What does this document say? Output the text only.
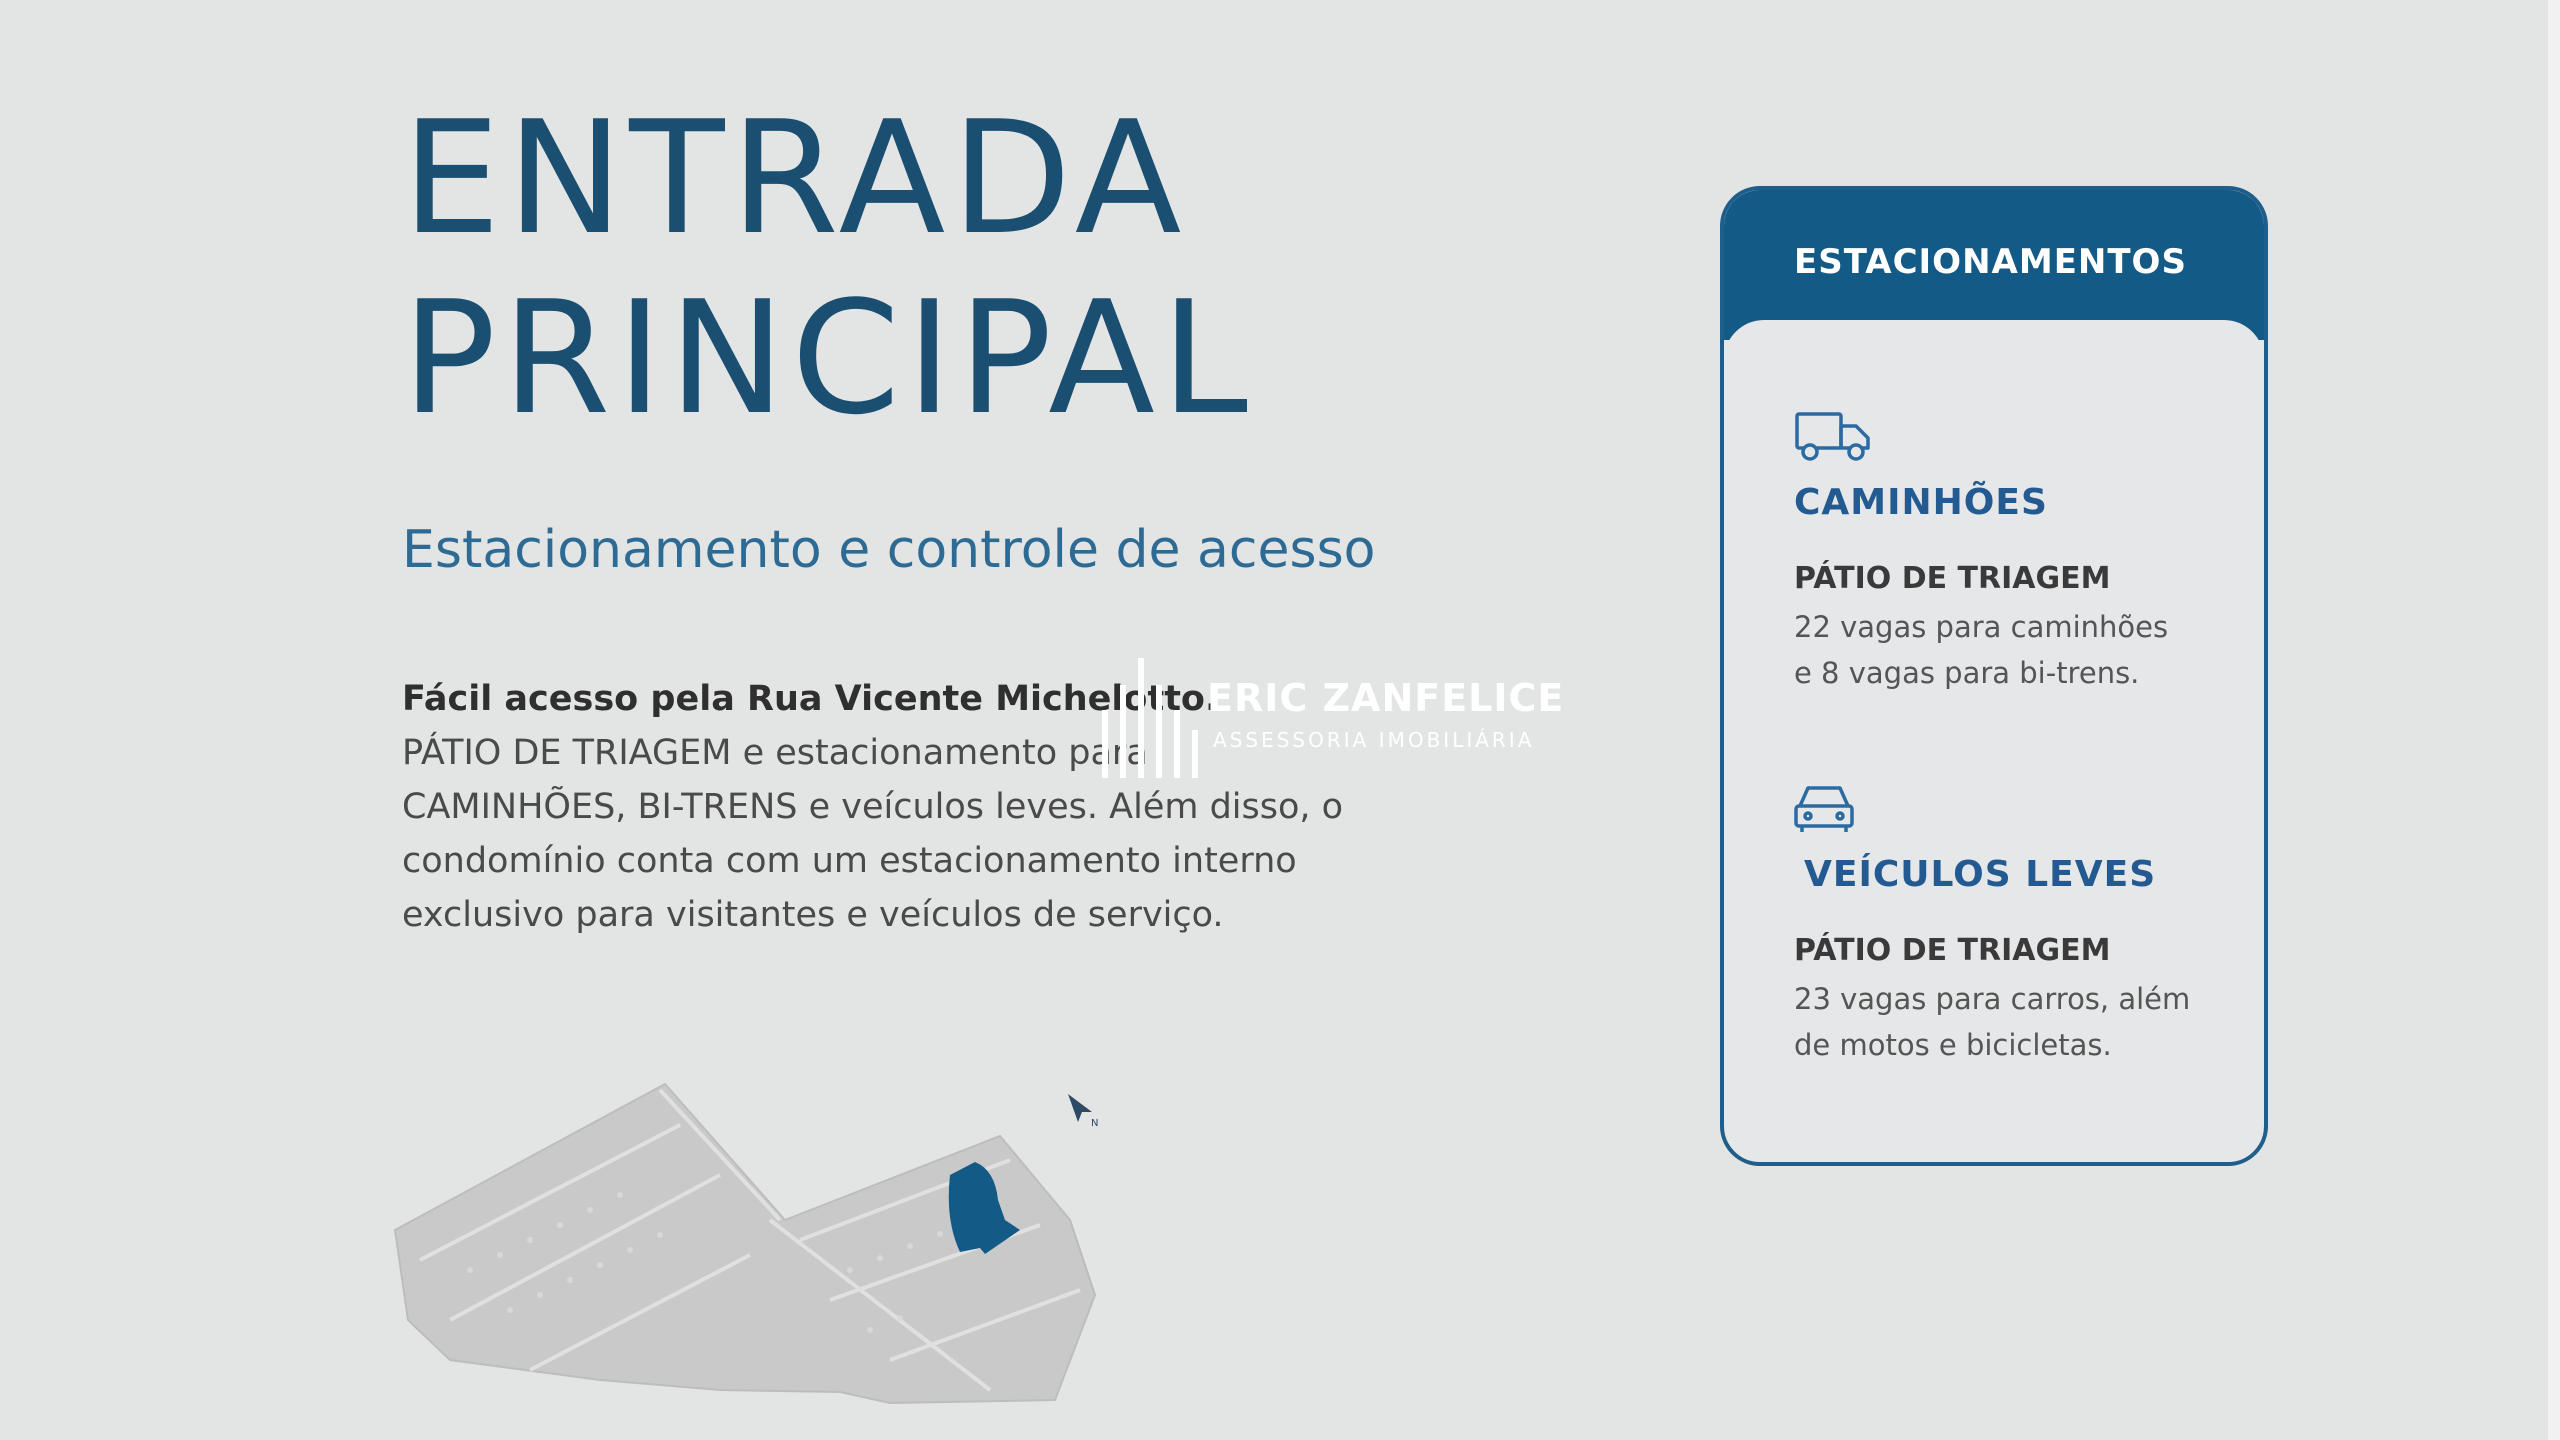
ENTRADA
PRINCIPAL
Estacionamento e controle de acesso
Fácil acesso pela Rua Vicente Michelotto.
PÁTIO DE TRIAGEM e estacionamento para
CAMINHÕES, BI-TRENS e veículos leves. Além disso, o
condomínio conta com um estacionamento interno
exclusivo para visitantes e veículos de serviço.
ERIC ZANFELICE
ASSESSORIA IMOBILIÁRIA
N
ESTACIONAMENTOS
CAMINHÕES
PÁTIO DE TRIAGEM
22 vagas para caminhões
e 8 vagas para bi-trens.
VEÍCULOS LEVES
PÁTIO DE TRIAGEM
23 vagas para carros, além
de motos e bicicletas.
